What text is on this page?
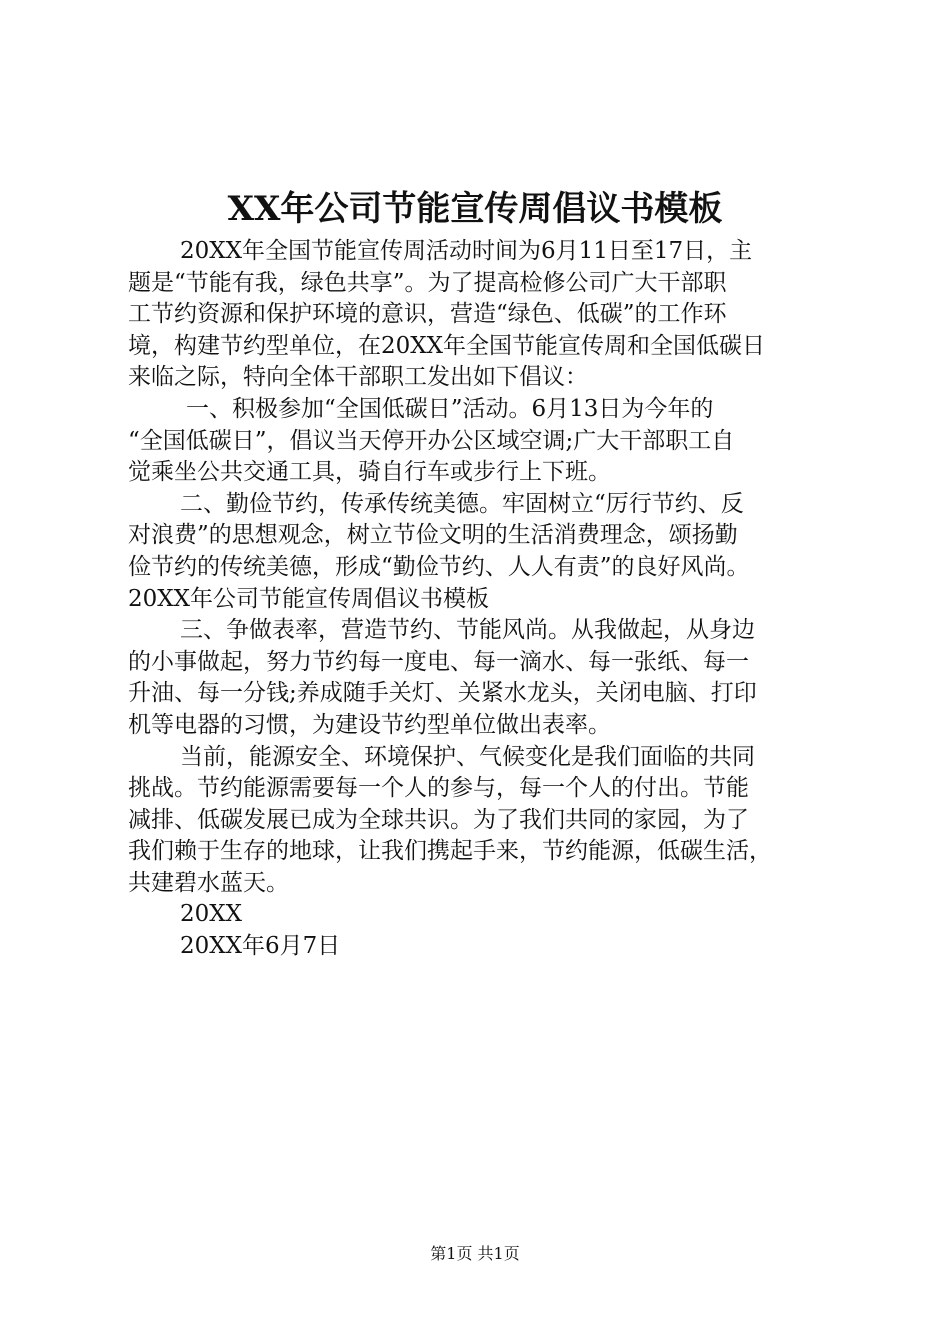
XX年公司节能宣传周倡议书模板
20XX年全国节能宣传周活动时间为6月11日至17日，主
题是“节能有我，绿色共享”。为了提高检修公司广大干部职
工节约资源和保护环境的意识，营造“绿色、低碳”的工作环
境，构建节约型单位，在20XX年全国节能宣传周和全国低碳日
来临之际，特向全体干部职工发出如下倡议：
一、积极参加“全国低碳日”活动。6月13日为今年的
“全国低碳日”，倡议当天停开办公区域空调;广大干部职工自
觉乘坐公共交通工具，骑自行车或步行上下班。
二、勤俭节约，传承传统美德。牢固树立“厉行节约、反
对浪费”的思想观念，树立节俭文明的生活消费理念，颂扬勤
俭节约的传统美德，形成“勤俭节约、人人有责”的良好风尚。
20XX年公司节能宣传周倡议书模板
三、争做表率，营造节约、节能风尚。从我做起，从身边
的小事做起，努力节约每一度电、每一滴水、每一张纸、每一
升油、每一分钱;养成随手关灯、关紧水龙头，关闭电脑、打印
机等电器的习惯，为建设节约型单位做出表率。
当前，能源安全、环境保护、气候变化是我们面临的共同
挑战。节约能源需要每一个人的参与，每一个人的付出。节能
减排、低碳发展已成为全球共识。为了我们共同的家园，为了
我们赖于生存的地球，让我们携起手来，节约能源，低碳生活，
共建碧水蓝天。
20XX
20XX年6月7日
第1页 共1页
